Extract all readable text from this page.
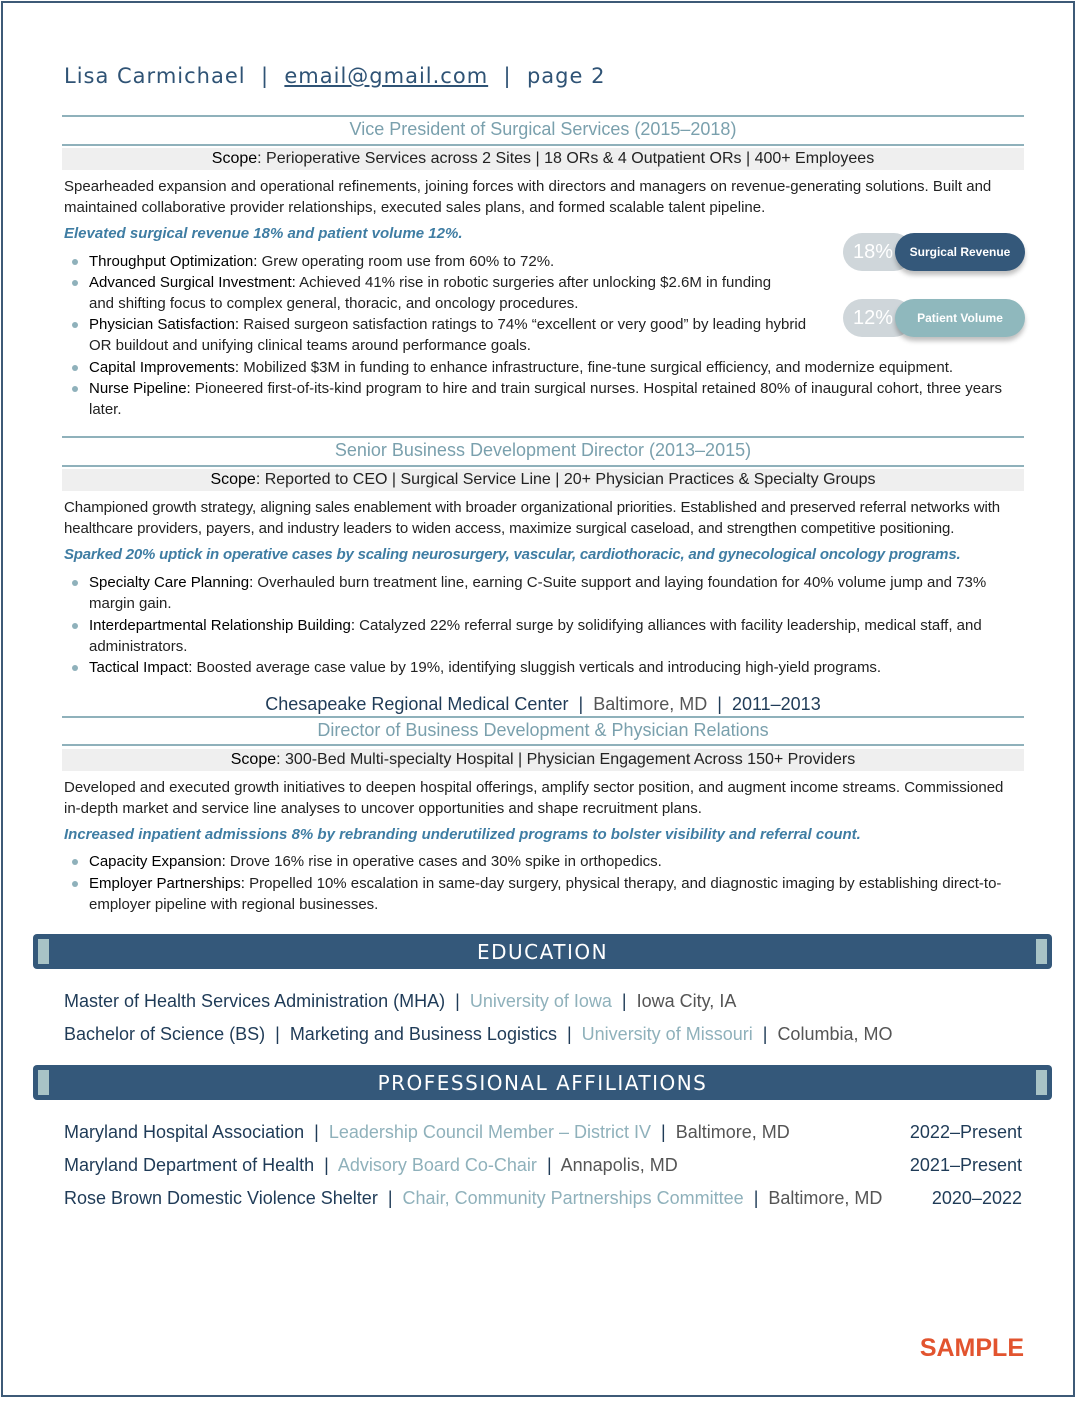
Lisa Carmichael | email@gmail.com | page 2
Vice President of Surgical Services (2015–2018)
Scope: Perioperative Services across 2 Sites | 18 ORs & 4 Outpatient ORs | 400+ Employees
Spearheaded expansion and operational refinements, joining forces with directors and managers on revenue-generating solutions. Built and maintained collaborative provider relationships, executed sales plans, and formed scalable talent pipeline.
Elevated surgical revenue 18% and patient volume 12%.
Throughput Optimization: Grew operating room use from 60% to 72%.
Advanced Surgical Investment: Achieved 41% rise in robotic surgeries after unlocking $2.6M in funding and shifting focus to complex general, thoracic, and oncology procedures.
Physician Satisfaction: Raised surgeon satisfaction ratings to 74% “excellent or very good” by leading hybrid OR buildout and unifying clinical teams around performance goals.
Capital Improvements: Mobilized $3M in funding to enhance infrastructure, fine-tune surgical efficiency, and modernize equipment.
Nurse Pipeline: Pioneered first-of-its-kind program to hire and train surgical nurses. Hospital retained 80% of inaugural cohort, three years later.
18%	Surgical Revenue
12%	Patient Volume
Senior Business Development Director (2013–2015)
Scope: Reported to CEO | Surgical Service Line | 20+ Physician Practices & Specialty Groups
Championed growth strategy, aligning sales enablement with broader organizational priorities. Established and preserved referral networks with healthcare providers, payers, and industry leaders to widen access, maximize surgical caseload, and strengthen competitive positioning.
Sparked 20% uptick in operative cases by scaling neurosurgery, vascular, cardiothoracic, and gynecological oncology programs.
Specialty Care Planning: Overhauled burn treatment line, earning C-Suite support and laying foundation for 40% volume jump and 73% margin gain.
Interdepartmental Relationship Building: Catalyzed 22% referral surge by solidifying alliances with facility leadership, medical staff, and administrators.
Tactical Impact: Boosted average case value by 19%, identifying sluggish verticals and introducing high-yield programs.
Chesapeake Regional Medical Center | Baltimore, MD | 2011–2013
Director of Business Development & Physician Relations
Scope: 300-Bed Multi-specialty Hospital | Physician Engagement Across 150+ Providers
Developed and executed growth initiatives to deepen hospital offerings, amplify sector position, and augment income streams. Commissioned in-depth market and service line analyses to uncover opportunities and shape recruitment plans.
Increased inpatient admissions 8% by rebranding underutilized programs to bolster visibility and referral count.
Capacity Expansion: Drove 16% rise in operative cases and 30% spike in orthopedics.
Employer Partnerships: Propelled 10% escalation in same-day surgery, physical therapy, and diagnostic imaging by establishing direct-to-employer pipeline with regional businesses.
EDUCATION
Master of Health Services Administration (MHA) | University of Iowa | Iowa City, IA
Bachelor of Science (BS) | Marketing and Business Logistics | University of Missouri | Columbia, MO
PROFESSIONAL AFFILIATIONS
Maryland Hospital Association | Leadership Council Member – District IV | Baltimore, MD	2022–Present
Maryland Department of Health | Advisory Board Co-Chair | Annapolis, MD	2021–Present
Rose Brown Domestic Violence Shelter | Chair, Community Partnerships Committee | Baltimore, MD	2020–2022
SAMPLE
